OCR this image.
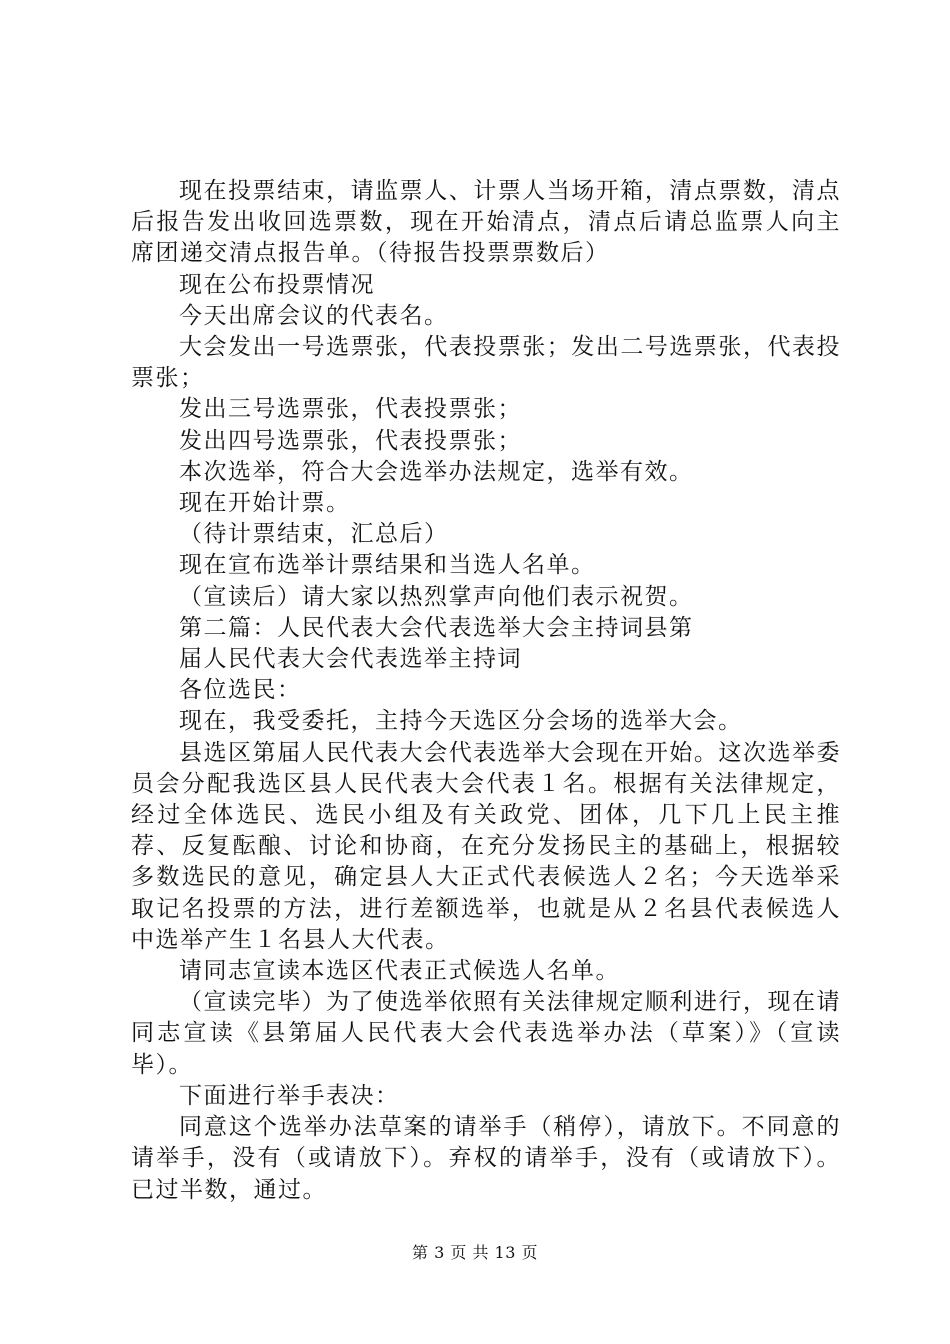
现在投票结束，请监票人、计票人当场开箱，清点票数，清点后报告发出收回选票数，现在开始清点，清点后请总监票人向主席团递交清点报告单。（待报告投票票数后）

现在公布投票情况

今天出席会议的代表名。

大会发出一号选票张，代表投票张；发出二号选票张，代表投票张；

发出三号选票张，代表投票张；

发出四号选票张，代表投票张；

本次选举，符合大会选举办法规定，选举有效。

现在开始计票。

（待计票结束，汇总后）

现在宣布选举计票结果和当选人名单。

（宣读后）请大家以热烈掌声向他们表示祝贺。

第二篇：人民代表大会代表选举大会主持词县第

届人民代表大会代表选举主持词

各位选民：

现在，我受委托，主持今天选区分会场的选举大会。

县选区第届人民代表大会代表选举大会现在开始。这次选举委员会分配我选区县人民代表大会代表１名。根据有关法律规定，经过全体选民、选民小组及有关政党、团体，几下几上民主推荐、反复酝酿、讨论和协商，在充分发扬民主的基础上，根据较多数选民的意见，确定县人大正式代表候选人２名；今天选举采取记名投票的方法，进行差额选举，也就是从２名县代表候选人中选举产生１名县人大代表。

请同志宣读本选区代表正式候选人名单。

（宣读完毕）为了使选举依照有关法律规定顺利进行，现在请同志宣读《县第届人民代表大会代表选举办法（草案）》（宣读毕）。

下面进行举手表决：

同意这个选举办法草案的请举手（稍停），请放下。不同意的请举手，没有（或请放下）。弃权的请举手，没有（或请放下）。已过半数，通过。

第 3 页 共 13 页
